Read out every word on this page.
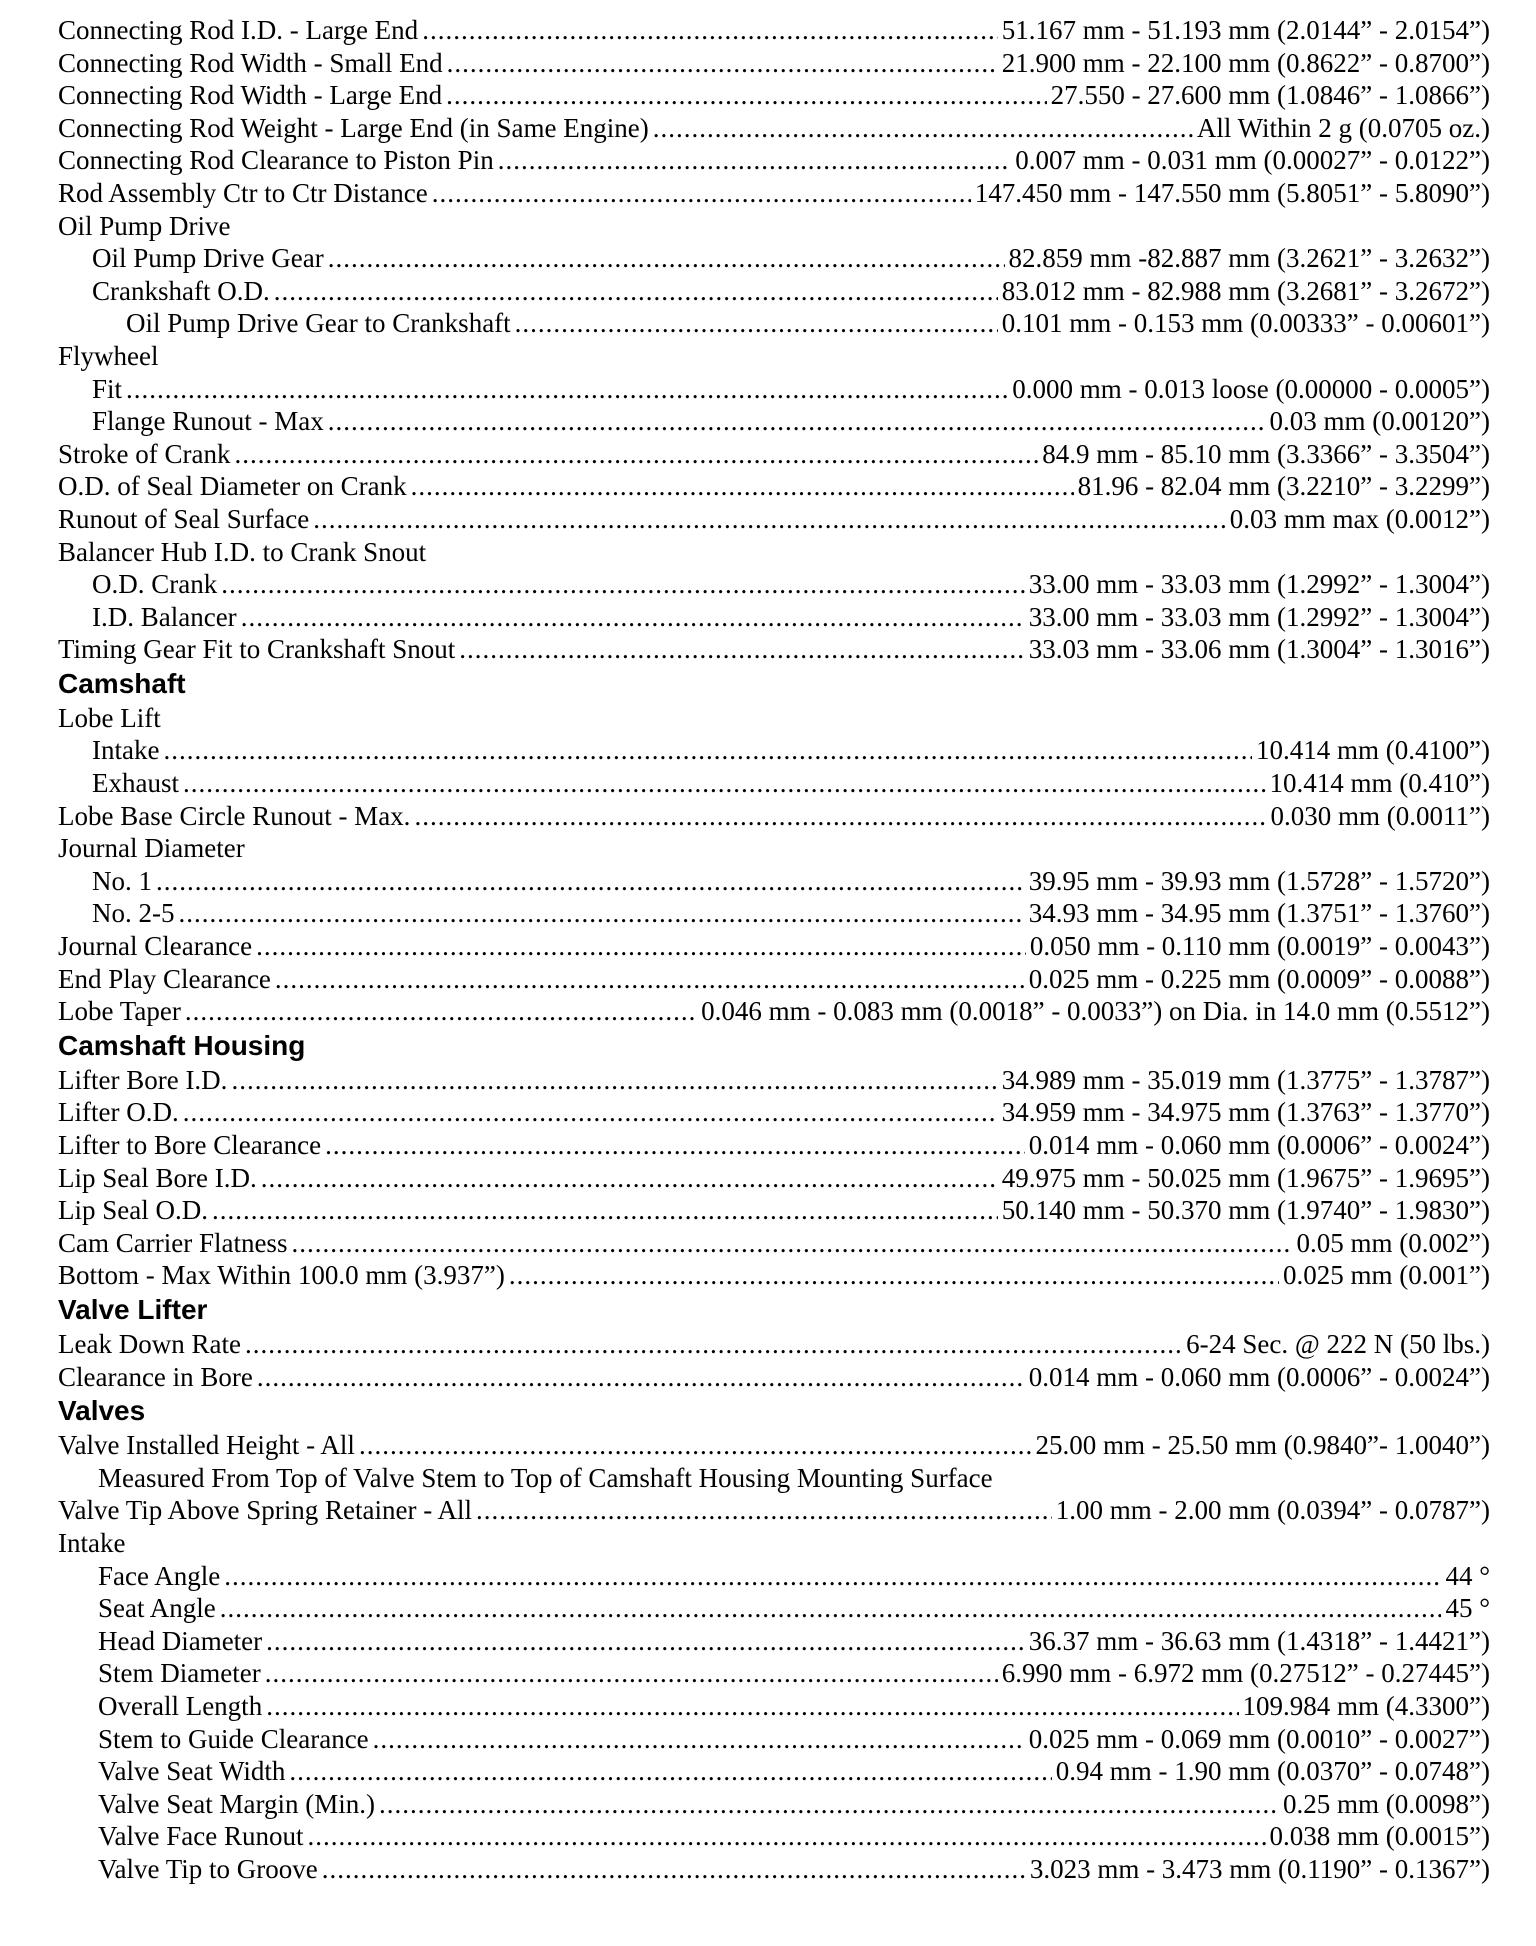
Connecting Rod I.D. - Large End .....	51.167 mm - 51.193 mm (2.0144” - 2.0154”)
Connecting Rod Width - Small End .....	21.900 mm - 22.100 mm (0.8622” - 0.8700”)
Connecting Rod Width - Large End .....	27.550 - 27.600 mm (1.0846” - 1.0866”)
Connecting Rod Weight - Large End (in Same Engine) .....	All Within 2 g (0.0705 oz.)
Connecting Rod Clearance to Piston Pin .....	0.007 mm - 0.031 mm (0.00027” - 0.0122”)
Rod Assembly Ctr to Ctr Distance .....	147.450 mm - 147.550 mm (5.8051” - 5.8090”)
Oil Pump Drive
Oil Pump Drive Gear .....	82.859 mm -82.887 mm (3.2621” - 3.2632”)
Crankshaft O.D. .....	83.012 mm - 82.988 mm (3.2681” - 3.2672”)
Oil Pump Drive Gear to Crankshaft .....	0.101 mm - 0.153 mm (0.00333” - 0.00601”)
Flywheel
Fit .....	0.000 mm - 0.013 loose (0.00000 - 0.0005”)
Flange Runout - Max .....	0.03 mm (0.00120”)
Stroke of Crank .....	84.9 mm - 85.10 mm (3.3366” - 3.3504”)
O.D. of Seal Diameter on Crank .....	81.96 - 82.04 mm (3.2210” - 3.2299”)
Runout of Seal Surface .....	0.03 mm max (0.0012”)
Balancer Hub I.D. to Crank Snout
O.D. Crank .....	33.00 mm - 33.03 mm (1.2992” - 1.3004”)
I.D. Balancer .....	33.00 mm - 33.03 mm (1.2992” - 1.3004”)
Timing Gear Fit to Crankshaft Snout .....	33.03 mm - 33.06 mm (1.3004” - 1.3016”)
Camshaft
Lobe Lift
Intake .....	10.414 mm (0.4100”)
Exhaust .....	10.414 mm (0.410”)
Lobe Base Circle Runout - Max. .....	0.030 mm (0.0011”)
Journal Diameter
No. 1 .....	39.95 mm - 39.93 mm (1.5728” - 1.5720”)
No. 2-5 .....	34.93 mm - 34.95 mm (1.3751” - 1.3760”)
Journal Clearance .....	0.050 mm - 0.110 mm (0.0019” - 0.0043”)
End Play Clearance .....	0.025 mm - 0.225 mm (0.0009” - 0.0088”)
Lobe Taper .....	0.046 mm - 0.083 mm (0.0018” - 0.0033”) on Dia. in 14.0 mm (0.5512”)
Camshaft Housing
Lifter Bore I.D. .....	34.989 mm - 35.019 mm (1.3775” - 1.3787”)
Lifter O.D. .....	34.959 mm - 34.975 mm (1.3763” - 1.3770”)
Lifter to Bore Clearance .....	0.014 mm - 0.060 mm (0.0006” - 0.0024”)
Lip Seal Bore I.D. .....	49.975 mm - 50.025 mm (1.9675” - 1.9695”)
Lip Seal O.D. .....	50.140 mm - 50.370 mm (1.9740” - 1.9830”)
Cam Carrier Flatness .....	0.05 mm (0.002”)
Bottom - Max Within 100.0 mm (3.937”) .....	0.025 mm (0.001”)
Valve Lifter
Leak Down Rate .....	6-24 Sec. @ 222 N (50 lbs.)
Clearance in Bore .....	0.014 mm - 0.060 mm (0.0006” - 0.0024”)
Valves
Valve Installed Height - All .....	25.00 mm - 25.50 mm (0.9840”- 1.0040”)
Measured From Top of Valve Stem to Top of Camshaft Housing Mounting Surface
Valve Tip Above Spring Retainer - All .....	1.00 mm - 2.00 mm (0.0394” - 0.0787”)
Intake
Face Angle .....	44 °
Seat Angle .....	45 °
Head Diameter .....	36.37 mm - 36.63 mm (1.4318” - 1.4421”)
Stem Diameter .....	6.990 mm - 6.972 mm (0.27512” - 0.27445”)
Overall Length .....	109.984 mm (4.3300”)
Stem to Guide Clearance .....	0.025 mm - 0.069 mm (0.0010” - 0.0027”)
Valve Seat Width .....	0.94 mm - 1.90 mm (0.0370” - 0.0748”)
Valve Seat Margin (Min.) .....	0.25 mm (0.0098”)
Valve Face Runout .....	0.038 mm (0.0015”)
Valve Tip to Groove .....	3.023 mm - 3.473 mm (0.1190” - 0.1367”)
